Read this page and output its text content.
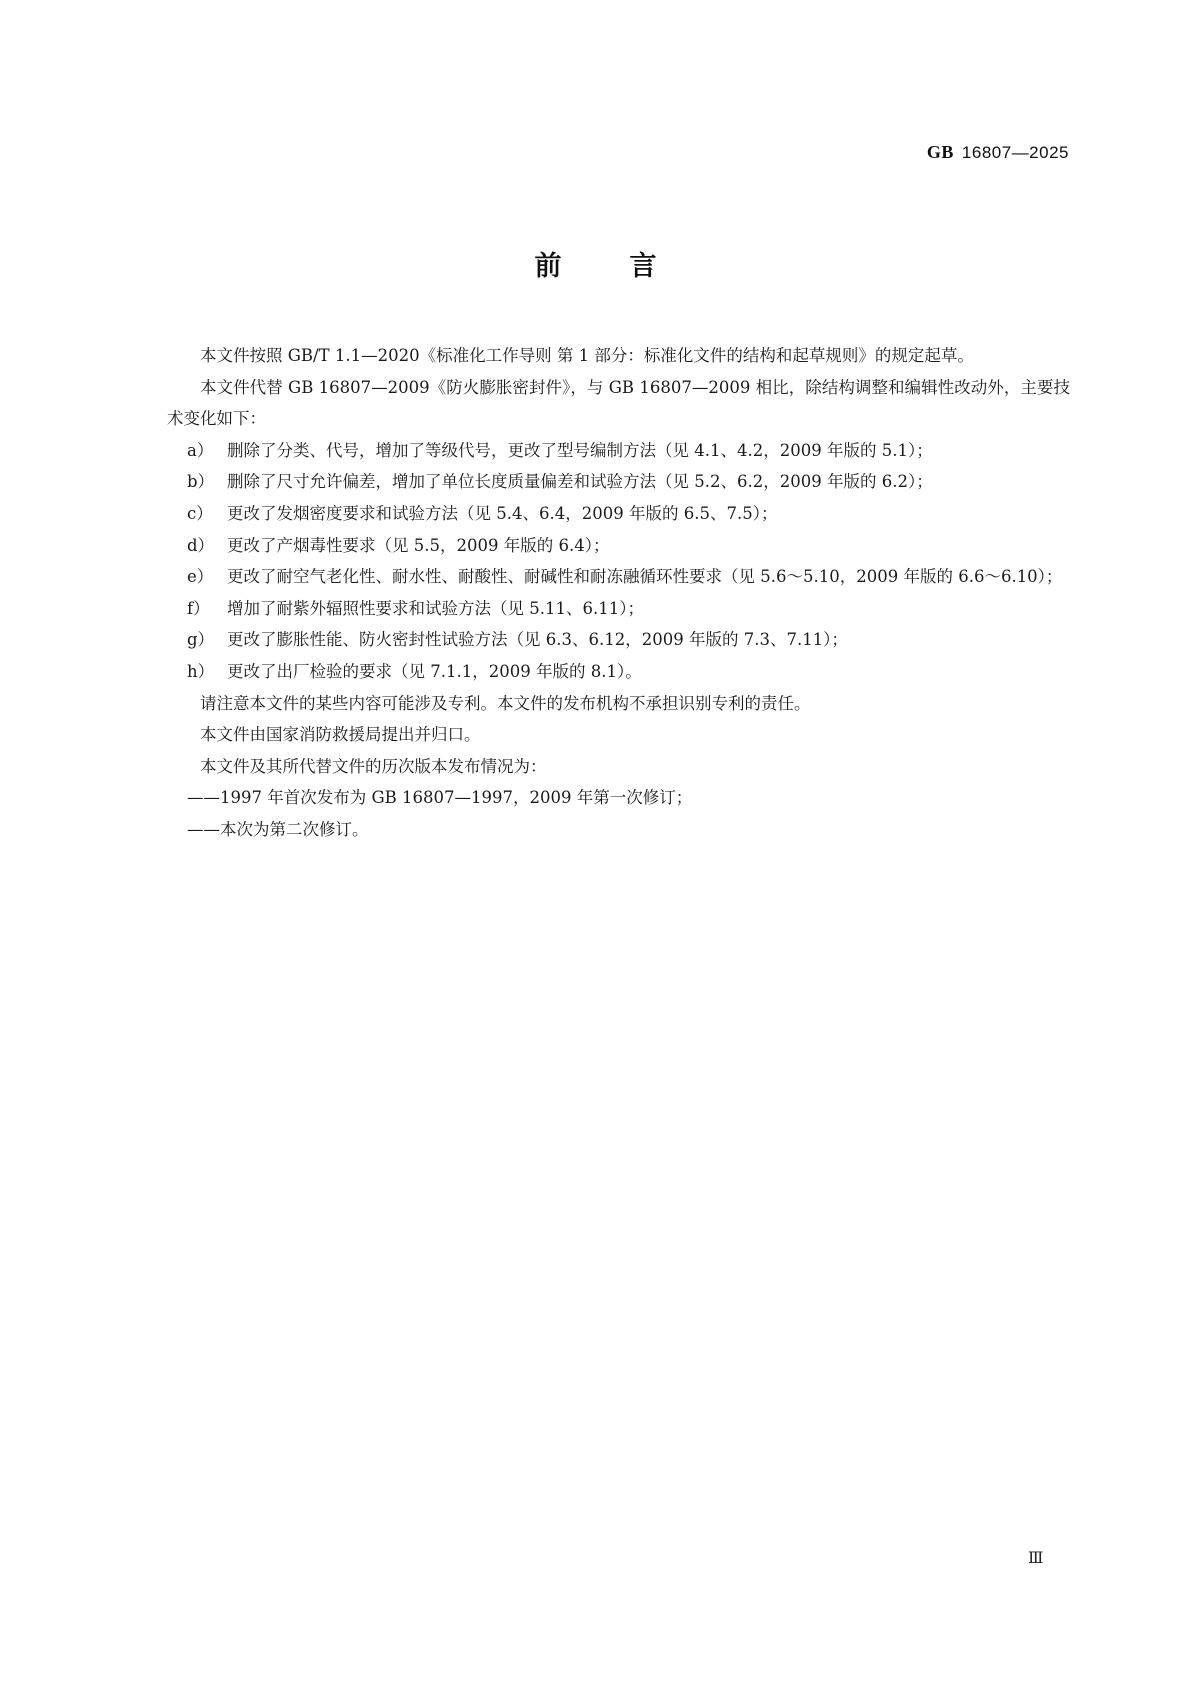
GB 16807—2025
前	言

本文件按照 GB/T 1.1—2020《标准化工作导则 第 1 部分：标准化文件的结构和起草规则》的规定起草。

本文件代替 GB 16807—2009《防火膨胀密封件》，与 GB 16807—2009 相比，除结构调整和编辑性改动外，主要技术变化如下：

a） 删除了分类、代号，增加了等级代号，更改了型号编制方法（见 4.1、4.2，2009 年版的 5.1）；
b） 删除了尺寸允许偏差，增加了单位长度质量偏差和试验方法（见 5.2、6.2，2009 年版的 6.2）；
c） 更改了发烟密度要求和试验方法（见 5.4、6.4，2009 年版的 6.5、7.5）；
d） 更改了产烟毒性要求（见 5.5，2009 年版的 6.4）；
e） 更改了耐空气老化性、耐水性、耐酸性、耐碱性和耐冻融循环性要求（见 5.6～5.10，2009 年版的 6.6～6.10）；
f）	增加了耐紫外辐照性要求和试验方法（见 5.11、6.11）；
g） 更改了膨胀性能、防火密封性试验方法（见 6.3、6.12，2009 年版的 7.3、7.11）；
h） 更改了出厂检验的要求（见 7.1.1，2009 年版的 8.1）。

请注意本文件的某些内容可能涉及专利。本文件的发布机构不承担识别专利的责任。

本文件由国家消防救援局提出并归口。

本文件及其所代替文件的历次版本发布情况为：

——1997 年首次发布为 GB 16807—1997，2009 年第一次修订；

——本次为第二次修订。

Ⅲ
